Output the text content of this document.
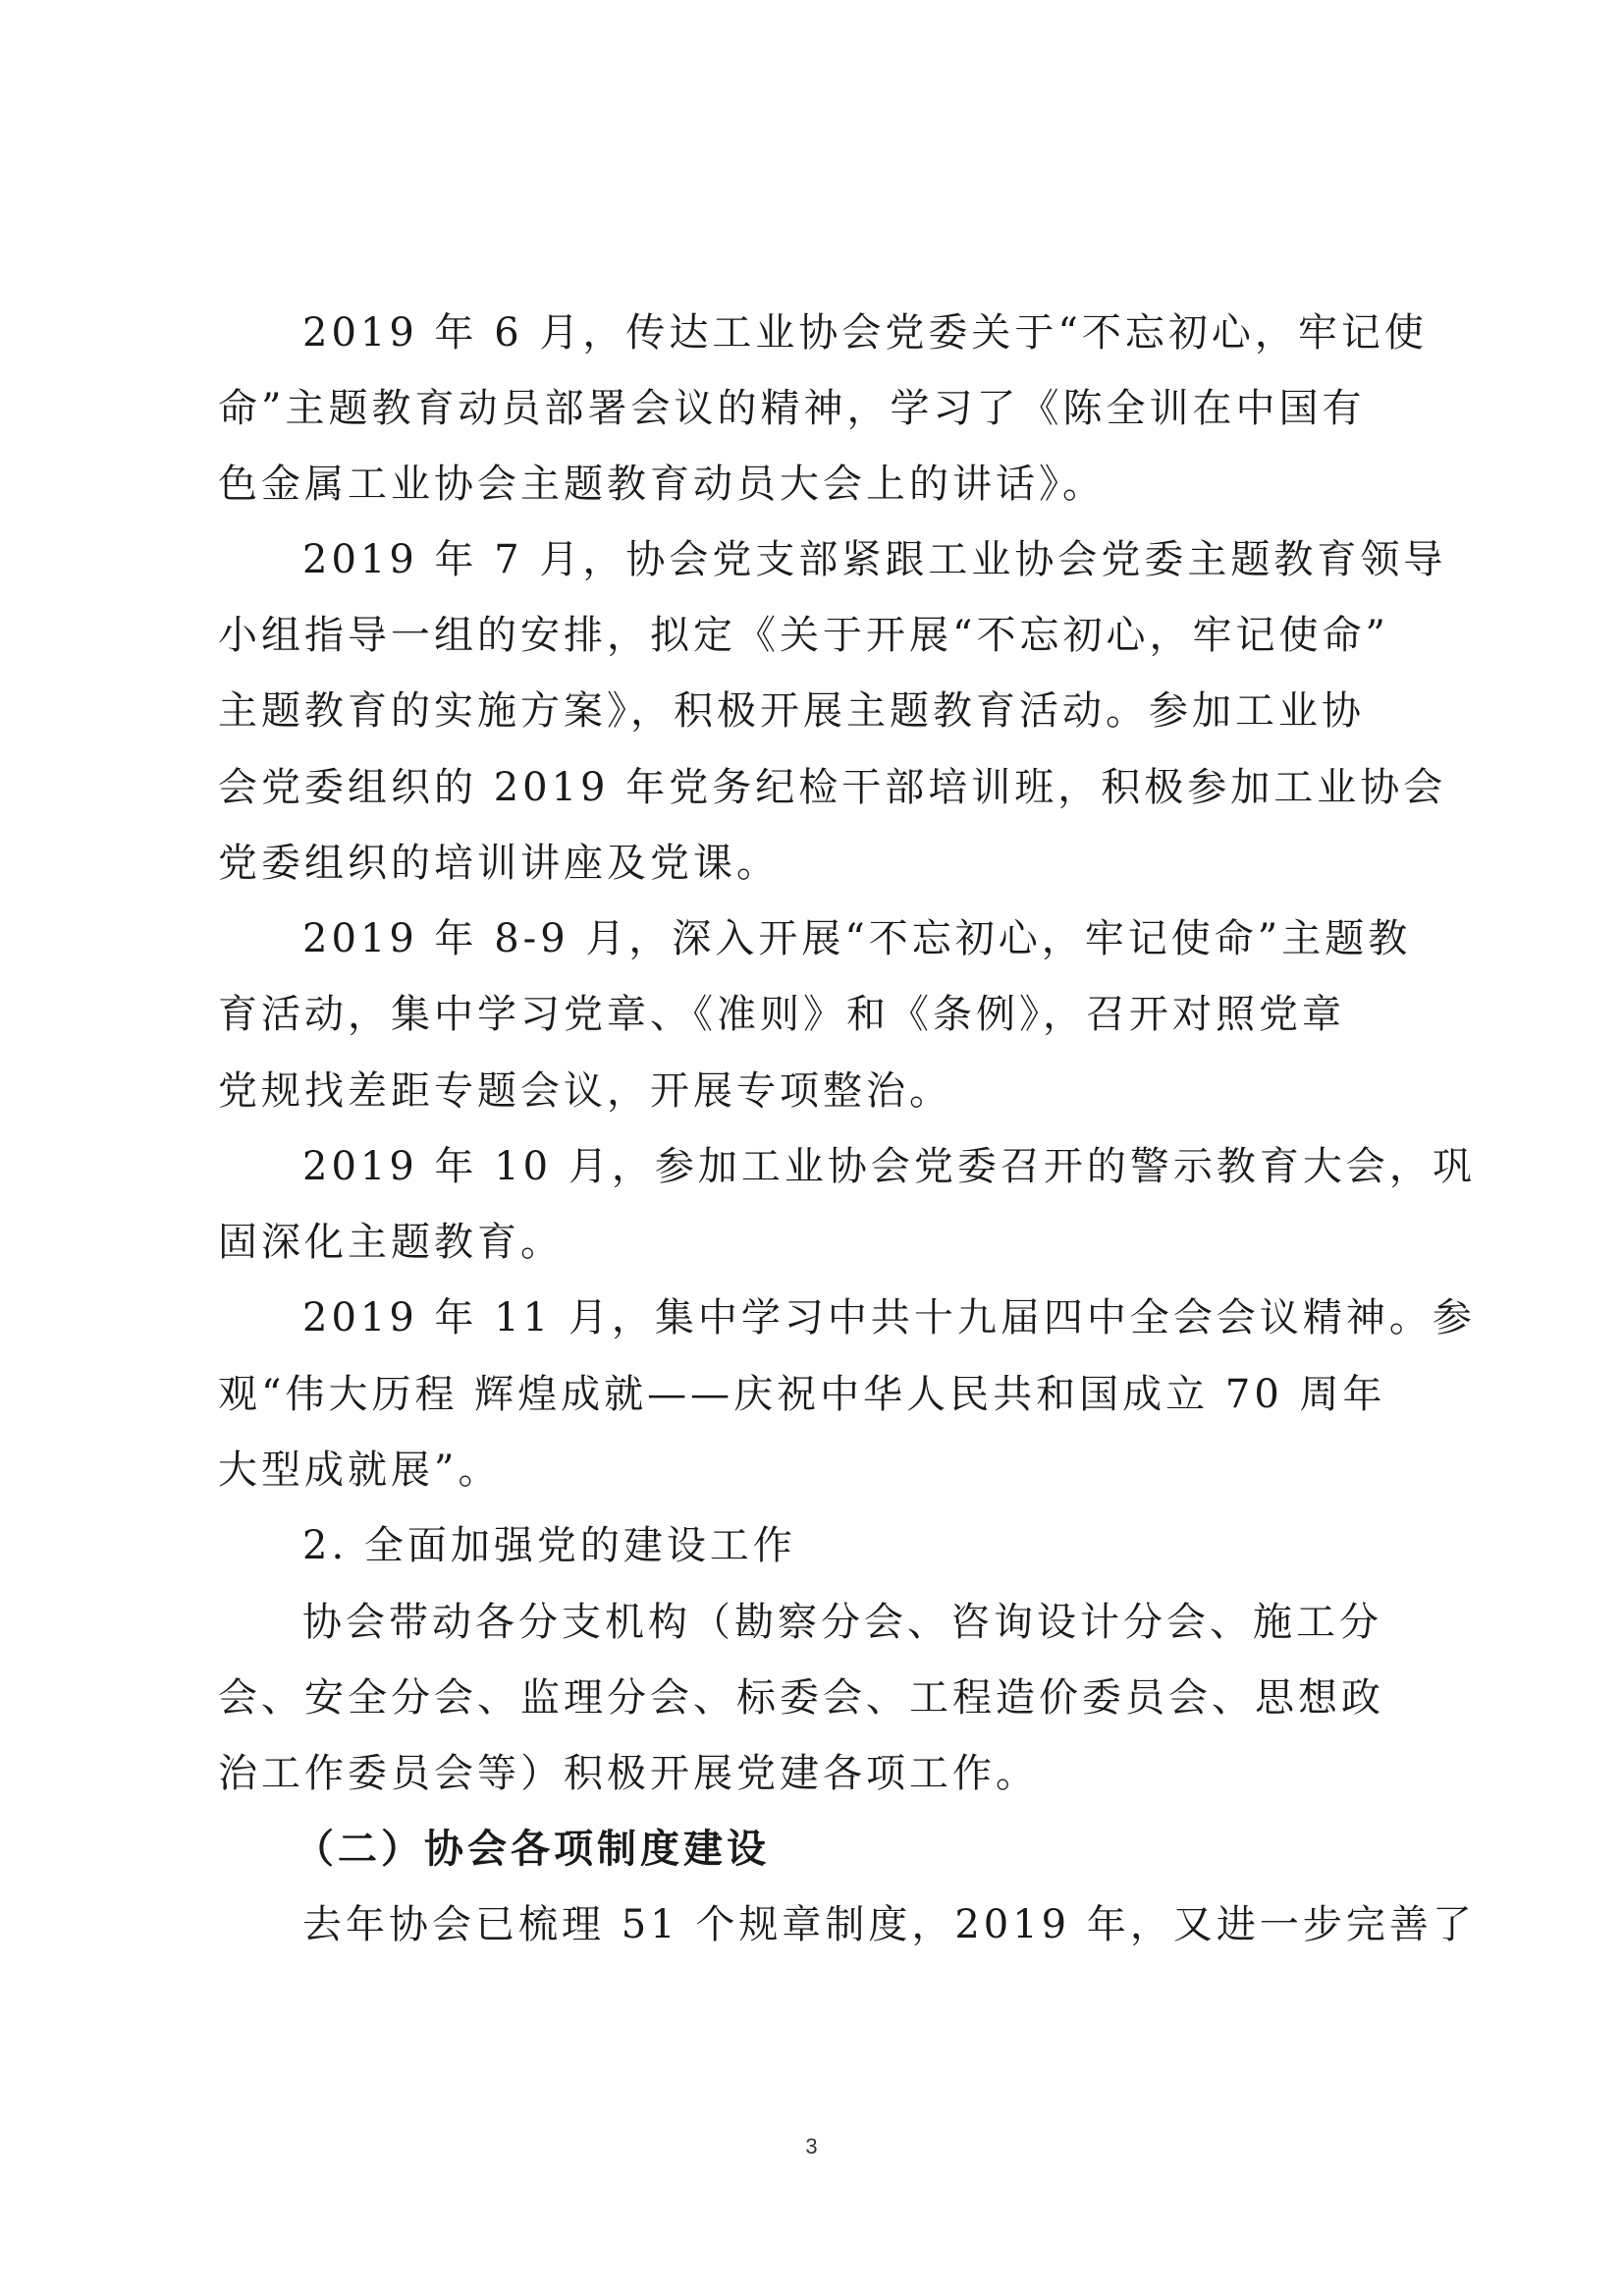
2019 年 6 月，传达工业协会党委关于“不忘初心，牢记使
命”主题教育动员部署会议的精神，学习了《陈全训在中国有
色金属工业协会主题教育动员大会上的讲话》。
2019 年 7 月，协会党支部紧跟工业协会党委主题教育领导
小组指导一组的安排，拟定《关于开展“不忘初心，牢记使命”
主题教育的实施方案》，积极开展主题教育活动。参加工业协
会党委组织的 2019 年党务纪检干部培训班，积极参加工业协会
党委组织的培训讲座及党课。
2019 年 8-9 月，深入开展“不忘初心，牢记使命”主题教
育活动，集中学习党章、《准则》和《条例》，召开对照党章
党规找差距专题会议，开展专项整治。
2019 年 10 月，参加工业协会党委召开的警示教育大会，巩
固深化主题教育。
2019 年 11 月，集中学习中共十九届四中全会会议精神。参
观“伟大历程 辉煌成就——庆祝中华人民共和国成立 70 周年
大型成就展”。
2. 全面加强党的建设工作
协会带动各分支机构（勘察分会、咨询设计分会、施工分
会、安全分会、监理分会、标委会、工程造价委员会、思想政
治工作委员会等）积极开展党建各项工作。
（二）协会各项制度建设
去年协会已梳理 51 个规章制度，2019 年，又进一步完善了
3
